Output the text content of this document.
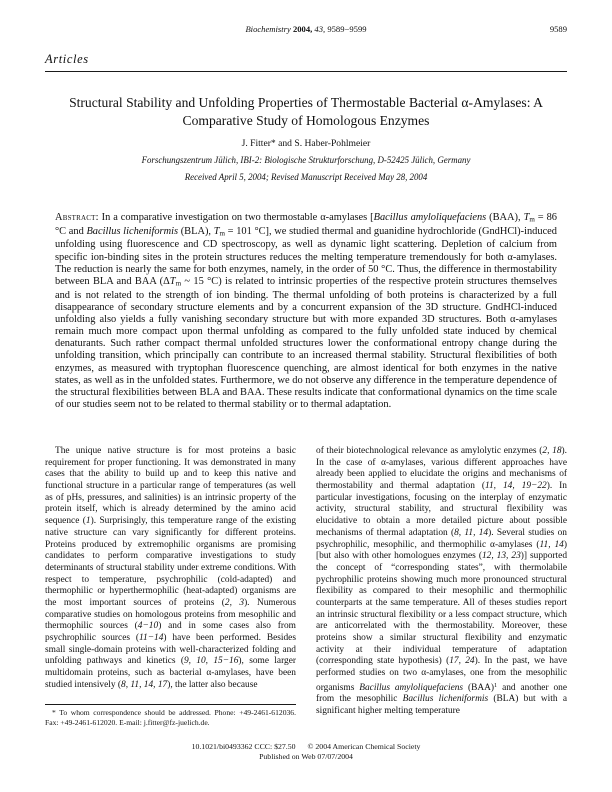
Biochemistry 2004, 43, 9589−9599	9589
Articles
Structural Stability and Unfolding Properties of Thermostable Bacterial α-Amylases: A Comparative Study of Homologous Enzymes
J. Fitter* and S. Haber-Pohlmeier
Forschungszentrum Jülich, IBI-2: Biologische Strukturforschung, D-52425 Jülich, Germany
Received April 5, 2004; Revised Manuscript Received May 28, 2004

Abstract: In a comparative investigation on two thermostable α-amylases [Bacillus amyloliquefaciens (BAA), Tm = 86 °C and Bacillus licheniformis (BLA), Tm = 101 °C], we studied thermal and guanidine hydrochloride (GndHCl)-induced unfolding using fluorescence and CD spectroscopy, as well as dynamic light scattering. Depletion of calcium from specific ion-binding sites in the protein structures reduces the melting temperature tremendously for both α-amylases. The reduction is nearly the same for both enzymes, namely, in the order of 50 °C. Thus, the difference in thermostability between BLA and BAA (ΔTm ~ 15 °C) is related to intrinsic properties of the respective protein structures themselves and is not related to the strength of ion binding. The thermal unfolding of both proteins is characterized by a full disappearance of secondary structure elements and by a concurrent expansion of the 3D structure. GndHCl-induced unfolding also yields a fully vanishing secondary structure but with more expanded 3D structures. Both α-amylases remain much more compact upon thermal unfolding as compared to the fully unfolded state induced by chemical denaturants. Such rather compact thermal unfolded structures lower the conformational entropy change during the unfolding transition, which principally can contribute to an increased thermal stability. Structural flexibilities of both enzymes, as measured with tryptophan fluorescence quenching, are almost identical for both enzymes in the native states, as well as in the unfolded states. Furthermore, we do not observe any difference in the temperature dependence of the structural flexibilities between BLA and BAA. These results indicate that conformational dynamics on the time scale of our studies seem not to be related to thermal stability or to thermal adaptation.

The unique native structure is for most proteins a basic requirement for proper functioning. It was demonstrated in many cases that the ability to build up and to keep this native and functional structure in a particular range of temperatures (as well as of pHs, pressures, and salinities) is an intrinsic property of the protein itself, which is already determined by the amino acid sequence (1). Surprisingly, this temperature range of the existing native structure can vary significantly for different proteins. Proteins produced by extremophilic organisms are promising candidates to perform comparative investigations to study determinants of structural stability under extreme conditions. With respect to temperature, psychrophilic (cold-adapted) and thermophilic or hyperthermophilic (heat-adapted) organisms are the most important sources of proteins (2, 3). Numerous comparative studies on homologous proteins from mesophilic and thermophilic sources (4−10) and in some cases also from psychrophilic sources (11−14) have been performed. Besides small single-domain proteins with well-characterized folding and unfolding pathways and kinetics (9, 10, 15−16), some larger multidomain proteins, such as bacterial α-amylases, have been studied intensively (8, 11, 14, 17), the latter also because

of their biotechnological relevance as amylolytic enzymes (2, 18). In the case of α-amylases, various different approaches have already been applied to elucidate the origins and mechanisms of thermostability and thermal adaptation (11, 14, 19−22). In particular investigations, focusing on the interplay of enzymatic activity, structural stability, and structural flexibility was elucidative to obtain a more detailed picture about possible mechanisms of thermal adaptation (8, 11, 14). Several studies on psychrophilic, mesophilic, and thermophilic α-amylases (11, 14) [but also with other homologues enzymes (12, 13, 23)] supported the concept of “corresponding states”, with thermolabile pychrophilic proteins showing much more pronounced structural flexibility as compared to their mesophilic and thermophilic counterparts at the same temperature. All of theses studies report an intrinsic structural flexibility or a less compact structure, which are anticorrelated with the thermostability. Moreover, these proteins show a similar structural flexibility and enzymatic activity at their individual temperature of adaptation (corresponding state hypothesis) (17, 24). In the past, we have performed studies on two α-amylases, one from the mesophilic organisms Bacillus amyloliquefaciens (BAA)$^1$ and another one from the mesophilic Bacillus licheniformis (BLA) but with a significant higher melting temperature

* To whom correspondence should be addressed. Phone: +49-2461-612036. Fax: +49-2461-612020. E-mail: j.fitter@fz-juelich.de.

10.1021/bi0493362 CCC: $27.50 © 2004 American Chemical Society
Published on Web 07/07/2004
